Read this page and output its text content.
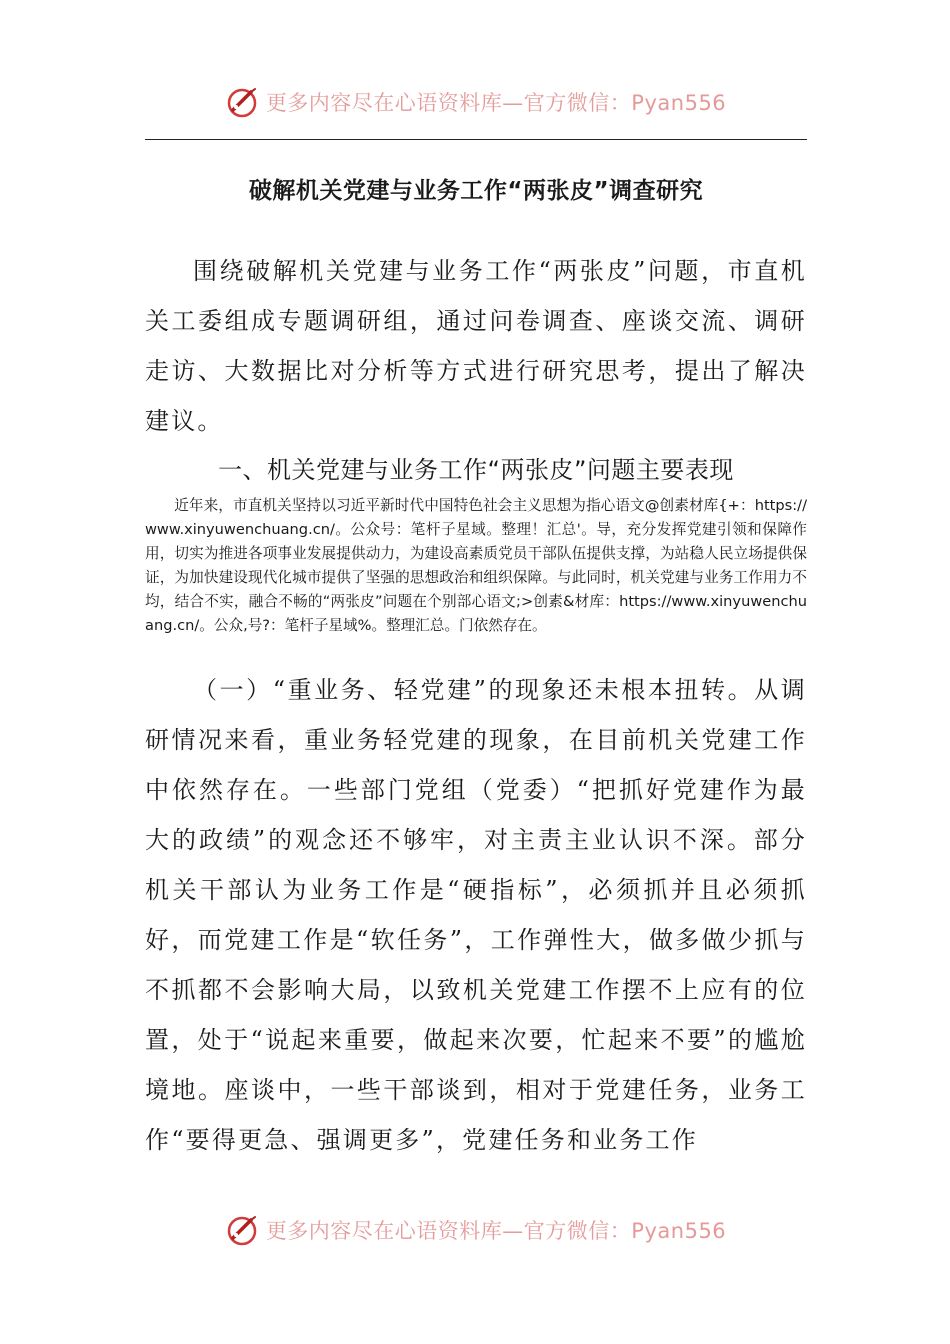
更多内容尽在心语资料库—官方微信：Pyan556
破解机关党建与业务工作“两张皮”调查研究

围绕破解机关党建与业务工作“两张皮”问题，市直机关工委组成专题调研组，通过问卷调查、座谈交流、调研走访、大数据比对分析等方式进行研究思考，提出了解决建议。

一、机关党建与业务工作“两张皮”问题主要表现

近年来，市直机关坚持以习近平新时代中国特色社会主义思想为指心语文@创素材库{+：https://www.xinyuwenchuang.cn/。公众号：笔杆子星域。整理！汇总'。导，充分发挥党建引领和保障作用，切实为推进各项事业发展提供动力，为建设高素质党员干部队伍提供支撑，为站稳人民立场提供保证，为加快建设现代化城市提供了坚强的思想政治和组织保障。与此同时，机关党建与业务工作用力不均，结合不实，融合不畅的“两张皮”问题在个别部心语文;>创素&材库：https://www.xinyuwenchuang.cn/。公众,号?：笔杆子星域%。整理汇总。门依然存在。

（一）“重业务、轻党建”的现象还未根本扭转。从调研情况来看，重业务轻党建的现象，在目前机关党建工作中依然存在。一些部门党组（党委）“把抓好党建作为最大的政绩”的观念还不够牢，对主责主业认识不深。部分机关干部认为业务工作是“硬指标”，必须抓并且必须抓好，而党建工作是“软任务”，工作弹性大，做多做少抓与不抓都不会影响大局，以致机关党建工作摆不上应有的位置，处于“说起来重要，做起来次要，忙起来不要”的尴尬境地。座谈中，一些干部谈到，相对于党建任务，业务工作“要得更急、强调更多”，党建任务和业务工作

更多内容尽在心语资料库—官方微信：Pyan556
